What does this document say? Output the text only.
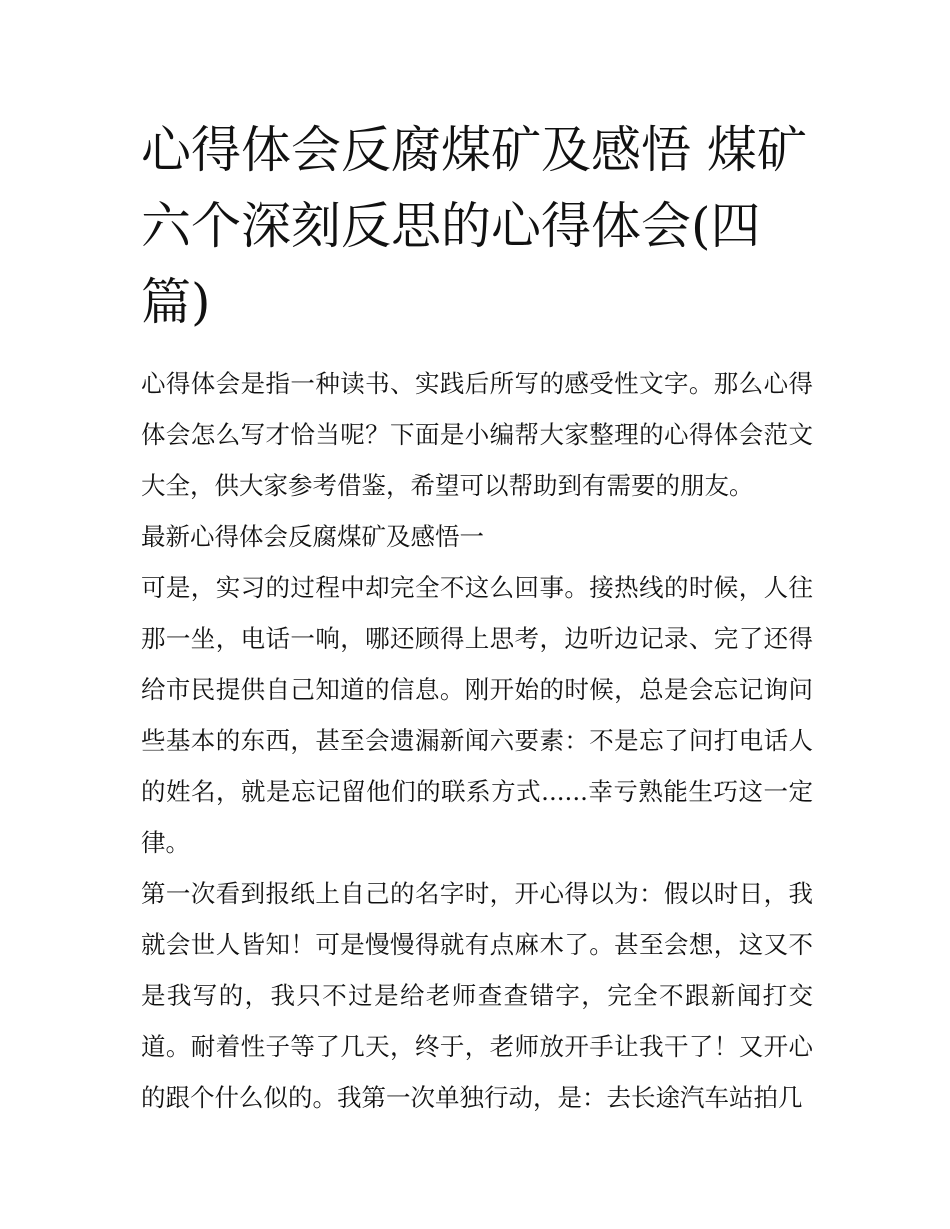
心得体会反腐煤矿及感悟 煤矿六个深刻反思的心得体会(四篇)

心得体会是指一种读书、实践后所写的感受性文字。那么心得体会怎么写才恰当呢？下面是小编帮大家整理的心得体会范文大全，供大家参考借鉴，希望可以帮助到有需要的朋友。

最新心得体会反腐煤矿及感悟一

可是，实习的过程中却完全不这么回事。接热线的时候，人往那一坐，电话一响，哪还顾得上思考，边听边记录、完了还得给市民提供自己知道的信息。刚开始的时候，总是会忘记询问些基本的东西，甚至会遗漏新闻六要素：不是忘了问打电话人的姓名，就是忘记留他们的联系方式......幸亏熟能生巧这一定律。

第一次看到报纸上自己的名字时，开心得以为：假以时日，我就会世人皆知！可是慢慢得就有点麻木了。甚至会想，这又不是我写的，我只不过是给老师查查错字，完全不跟新闻打交道。耐着性子等了几天，终于，老师放开手让我干了！又开心的跟个什么似的。我第一次单独行动，是：去长途汽车站拍几
